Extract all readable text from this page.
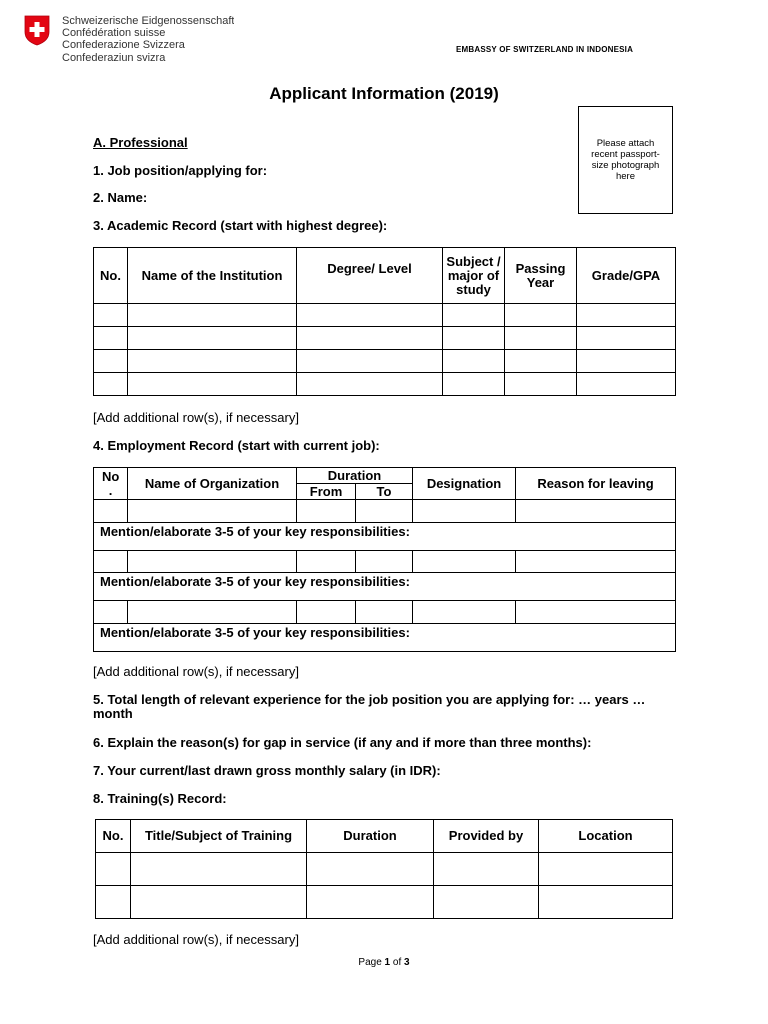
Schweizerische Eidgenossenschaft
Confédération suisse
Confederazione Svizzera
Confederaziun svizra
EMBASSY OF SWITZERLAND IN INDONESIA
Applicant Information (2019)
Please attach recent passport-size photograph here
A. Professional
1. Job position/applying for:
2. Name:
3. Academic Record (start with highest degree):
No.	Name of the Institution	Degree/ Level	Subject / major of study	Passing Year	Grade/GPA

[Add additional row(s), if necessary]
4. Employment Record (start with current job):
No .	Name of Organization	Duration		Designation	Reason for leaving
		From	To		

Mention/elaborate 3-5 of your key responsibilities:					

Mention/elaborate 3-5 of your key responsibilities:					

Mention/elaborate 3-5 of your key responsibilities:					
[Add additional row(s), if necessary]
5. Total length of relevant experience for the job position you are applying for: … years … month
6. Explain the reason(s) for gap in service (if any and if more than three months):
7. Your current/last drawn gross monthly salary (in IDR):
8. Training(s) Record:
No.	Title/Subject of Training	Duration	Provided by	Location

[Add additional row(s), if necessary]
Page 1 of 3
